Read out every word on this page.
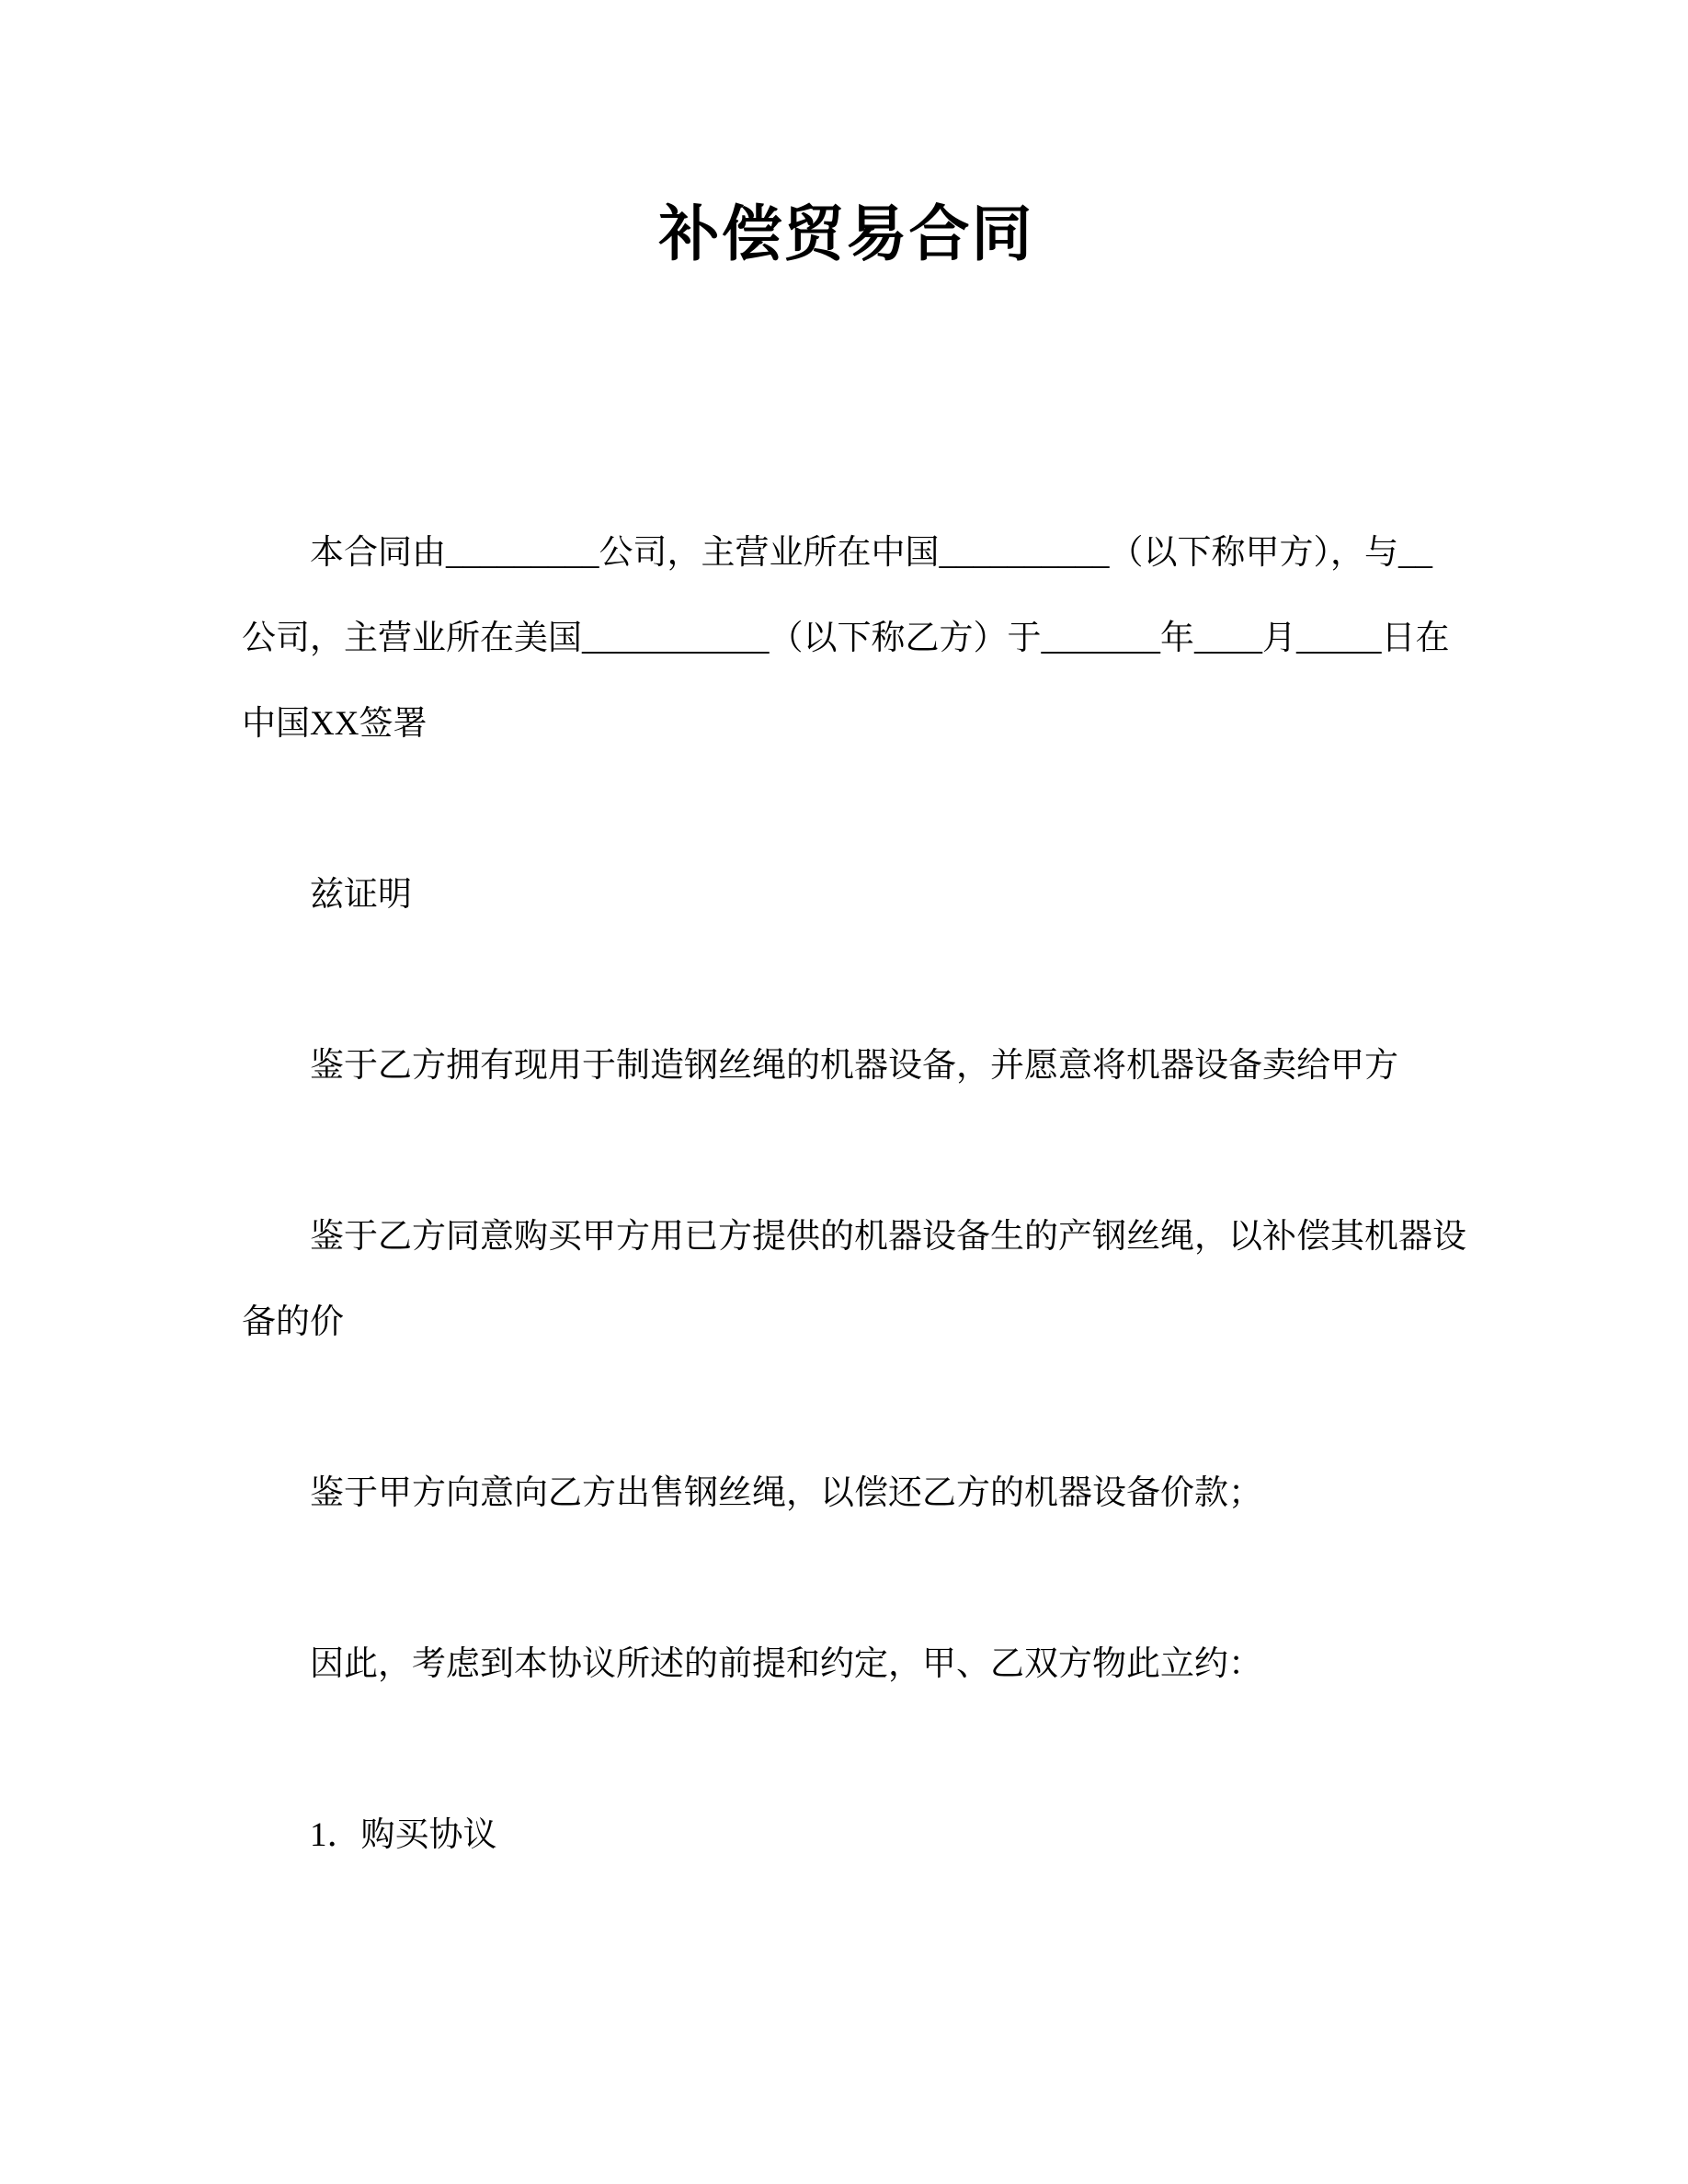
补偿贸易合同

本合同由_________公司，主营业所在中国__________（以下称甲方），与__
公司，主营业所在美国___________（以下称乙方）于_______年____月_____日在
中国XX签署

兹证明

鉴于乙方拥有现用于制造钢丝绳的机器设备，并愿意将机器设备卖给甲方

鉴于乙方同意购买甲方用已方提供的机器设备生的产钢丝绳，以补偿其机器设
备的价

鉴于甲方向意向乙方出售钢丝绳，以偿还乙方的机器设备价款；

因此，考虑到本协议所述的前提和约定，甲、乙双方物此立约：

1．购买协议
